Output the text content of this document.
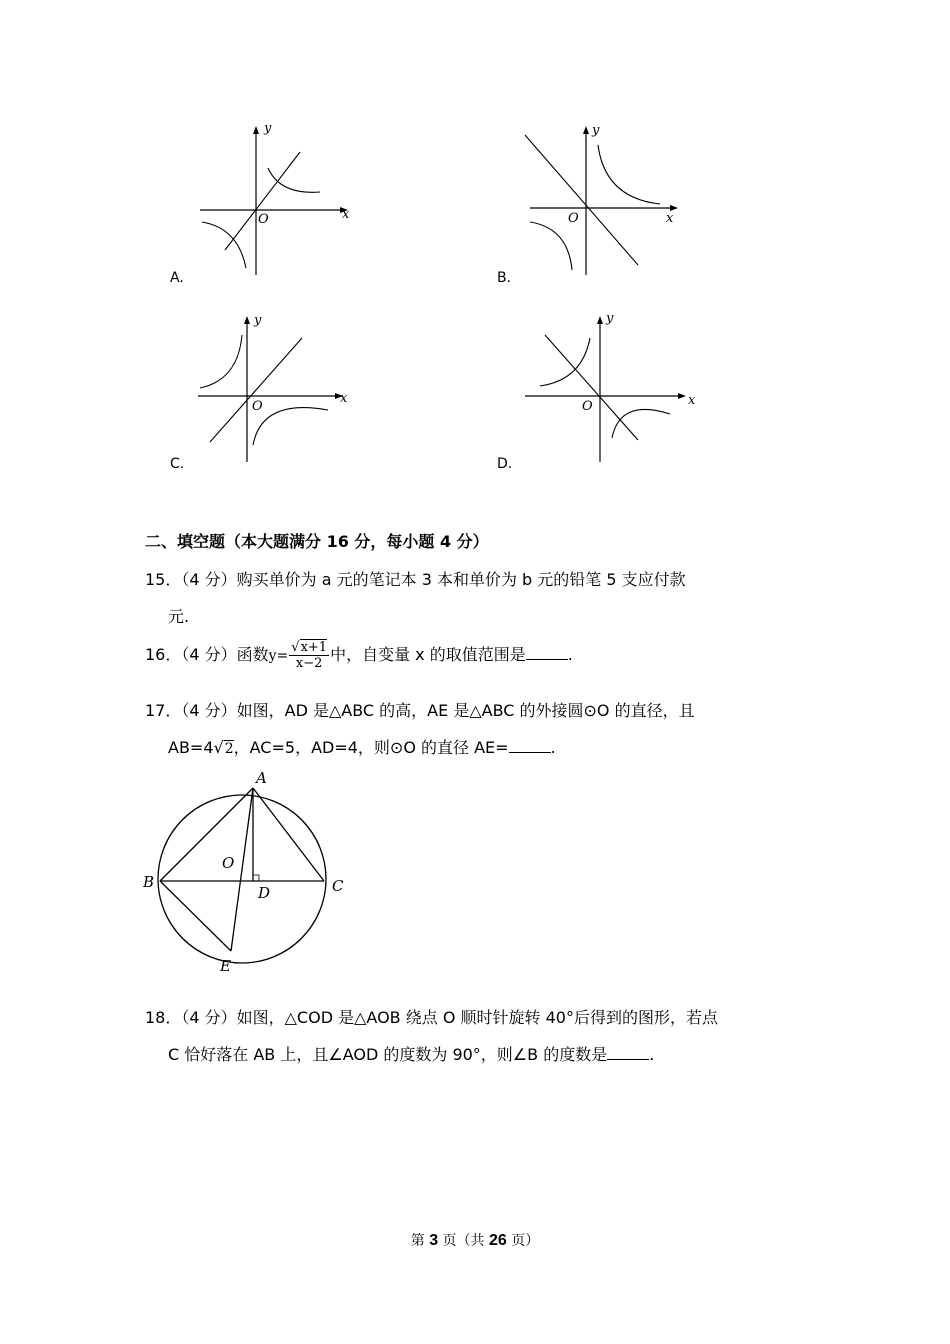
x
y
O
A.
x
y
O
B.
x
y
O
C.
x
y
O
D.
二、填空题（本大题满分 16 分，每小题 4 分）
15．（4 分）购买单价为 a 元的笔记本 3 本和单价为 b 元的铅笔 5 支应付款
元.
16．（4 分）函数$y= \frac{√x+1}{x-2}$ 中，自变量 x 的取值范围是	.
17．（4 分）如图，AD 是△ABC 的高，AE 是△ABC 的外接圆⊙O 的直径，且
AB=4√2，AC=5，AD=4，则⊙O 的直径 AE=	.
A
B	C
D
E
O
18．（4 分）如图，△COD 是△AOB 绕点 O 顺时针旋转 40°后得到的图形，若点
C 恰好落在 AB 上，且∠AOD 的度数为 90°，则∠B 的度数是	.
第 3 页（共 26 页）
